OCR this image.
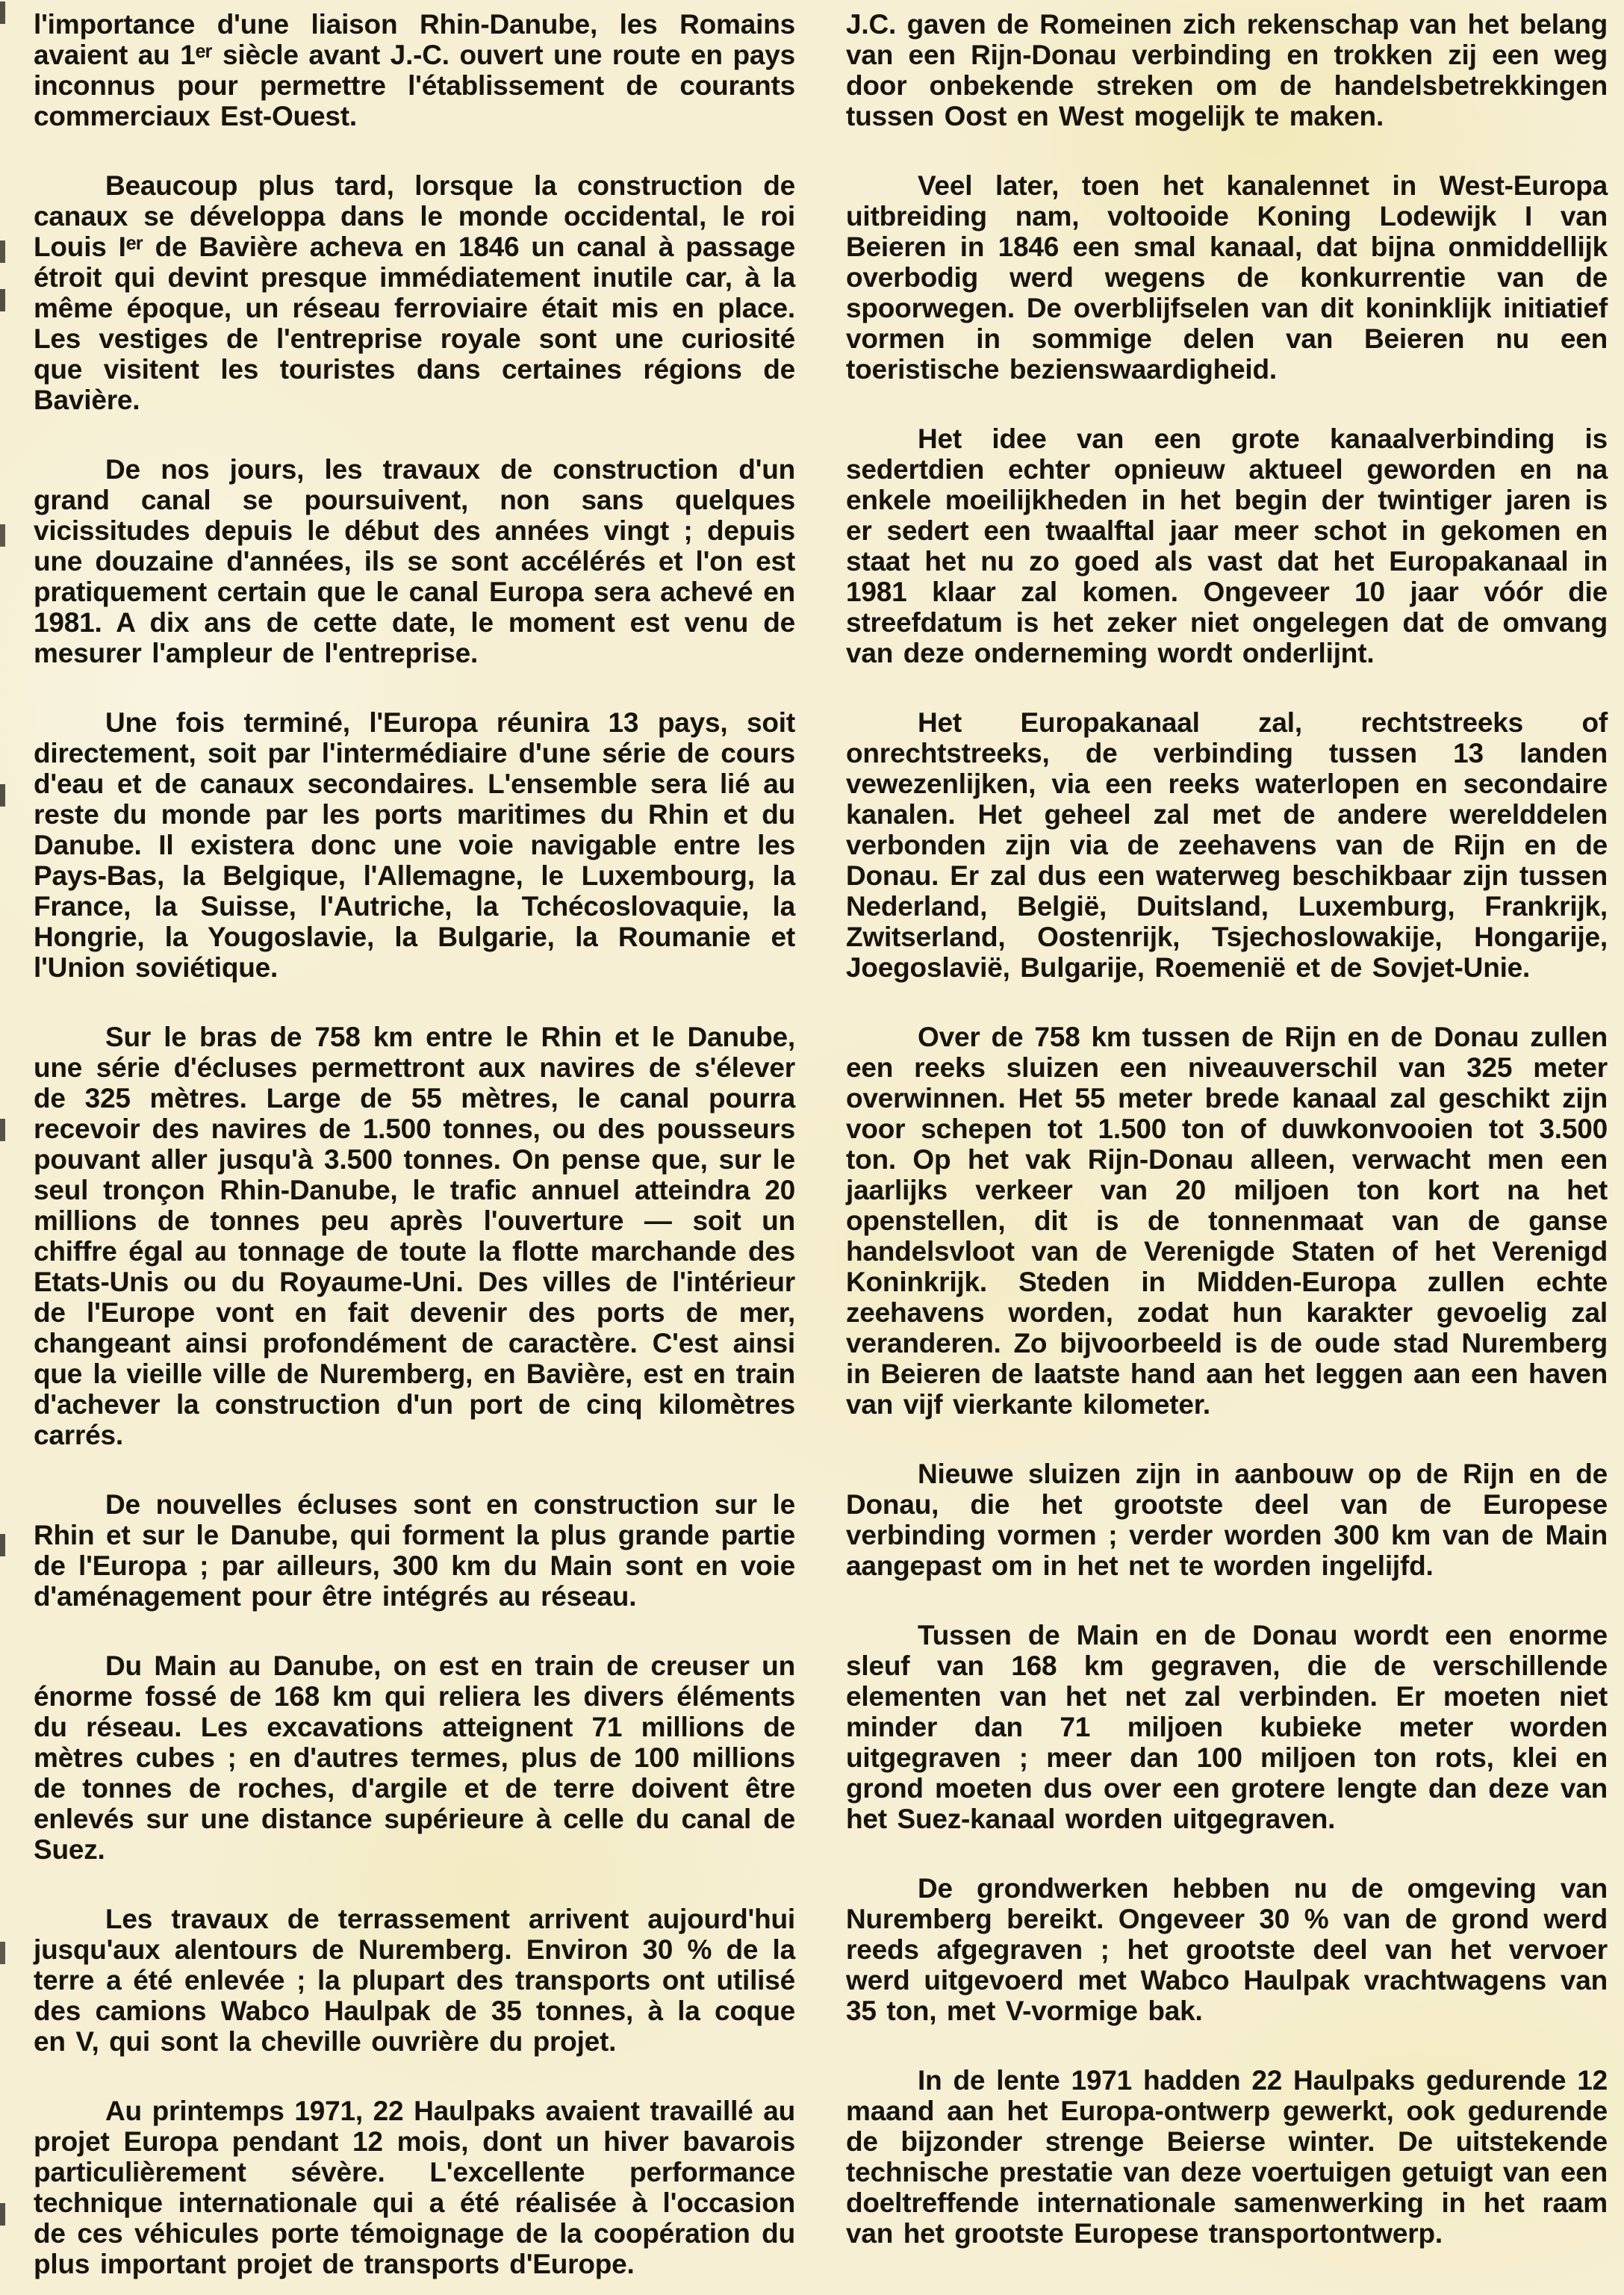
l'importance d'une liaison Rhin-Danube, les Romains avaient au 1ᵉʳ siècle avant J.-C. ouvert une route en pays inconnus pour permettre l'établissement de courants commerciaux Est-Ouest.

Beaucoup plus tard, lorsque la construction de canaux se développa dans le monde occidental, le roi Louis Iᵉʳ de Bavière acheva en 1846 un canal à passage étroit qui devint presque immédiatement inutile car, à la même époque, un réseau ferroviaire était mis en place. Les vestiges de l'entreprise royale sont une curiosité que visitent les touristes dans certaines régions de Bavière.

De nos jours, les travaux de construction d'un grand canal se poursuivent, non sans quelques vicissitudes depuis le début des années vingt ; depuis une douzaine d'années, ils se sont accélérés et l'on est pratiquement certain que le canal Europa sera achevé en 1981. A dix ans de cette date, le moment est venu de mesurer l'ampleur de l'entreprise.

Une fois terminé, l'Europa réunira 13 pays, soit directement, soit par l'intermédiaire d'une série de cours d'eau et de canaux secondaires. L'ensemble sera lié au reste du monde par les ports maritimes du Rhin et du Danube. Il existera donc une voie navigable entre les Pays-Bas, la Belgique, l'Allemagne, le Luxembourg, la France, la Suisse, l'Autriche, la Tchécoslovaquie, la Hongrie, la Yougoslavie, la Bulgarie, la Roumanie et l'Union soviétique.

Sur le bras de 758 km entre le Rhin et le Danube, une série d'écluses permettront aux navires de s'élever de 325 mètres. Large de 55 mètres, le canal pourra recevoir des navires de 1.500 tonnes, ou des pousseurs pouvant aller jusqu'à 3.500 tonnes. On pense que, sur le seul tronçon Rhin-Danube, le trafic annuel atteindra 20 millions de tonnes peu après l'ouverture — soit un chiffre égal au tonnage de toute la flotte marchande des Etats-Unis ou du Royaume-Uni. Des villes de l'intérieur de l'Europe vont en fait devenir des ports de mer, changeant ainsi profondément de caractère. C'est ainsi que la vieille ville de Nuremberg, en Bavière, est en train d'achever la construction d'un port de cinq kilomètres carrés.

De nouvelles écluses sont en construction sur le Rhin et sur le Danube, qui forment la plus grande partie de l'Europa ; par ailleurs, 300 km du Main sont en voie d'aménagement pour être intégrés au réseau.

Du Main au Danube, on est en train de creuser un énorme fossé de 168 km qui reliera les divers éléments du réseau. Les excavations atteignent 71 millions de mètres cubes ; en d'autres termes, plus de 100 millions de tonnes de roches, d'argile et de terre doivent être enlevés sur une distance supérieure à celle du canal de Suez.

Les travaux de terrassement arrivent aujourd'hui jusqu'aux alentours de Nuremberg. Environ 30 % de la terre a été enlevée ; la plupart des transports ont utilisé des camions Wabco Haulpak de 35 tonnes, à la coque en V, qui sont la cheville ouvrière du projet.

Au printemps 1971, 22 Haulpaks avaient travaillé au projet Europa pendant 12 mois, dont un hiver bavarois particulièrement sévère. L'excellente performance technique internationale qui a été réalisée à l'occasion de ces véhicules porte témoignage de la coopération du plus important projet de transports d'Europe.

J.C. gaven de Romeinen zich rekenschap van het belang van een Rijn-Donau verbinding en trokken zij een weg door onbekende streken om de handelsbetrekkingen tussen Oost en West mogelijk te maken.

Veel later, toen het kanalennet in West-Europa uitbreiding nam, voltooide Koning Lodewijk I van Beieren in 1846 een smal kanaal, dat bijna onmiddellijk overbodig werd wegens de konkurrentie van de spoorwegen. De overblijfselen van dit koninklijk initiatief vormen in sommige delen van Beieren nu een toeristische bezienswaardigheid.

Het idee van een grote kanaalverbinding is sedertdien echter opnieuw aktueel geworden en na enkele moeilijkheden in het begin der twintiger jaren is er sedert een twaalftal jaar meer schot in gekomen en staat het nu zo goed als vast dat het Europakanaal in 1981 klaar zal komen. Ongeveer 10 jaar vóór die streefdatum is het zeker niet ongelegen dat de omvang van deze onderneming wordt onderlijnt.

Het Europakanaal zal, rechtstreeks of onrechtstreeks, de verbinding tussen 13 landen vewezenlijken, via een reeks waterlopen en secondaire kanalen. Het geheel zal met de andere werelddelen verbonden zijn via de zeehavens van de Rijn en de Donau. Er zal dus een waterweg beschikbaar zijn tussen Nederland, België, Duitsland, Luxemburg, Frankrijk, Zwitserland, Oostenrijk, Tsjechoslowakije, Hongarije, Joegoslavië, Bulgarije, Roemenië et de Sovjet-Unie.

Over de 758 km tussen de Rijn en de Donau zullen een reeks sluizen een niveauverschil van 325 meter overwinnen. Het 55 meter brede kanaal zal geschikt zijn voor schepen tot 1.500 ton of duwkonvooien tot 3.500 ton. Op het vak Rijn-Donau alleen, verwacht men een jaarlijks verkeer van 20 miljoen ton kort na het openstellen, dit is de tonnenmaat van de ganse handelsvloot van de Verenigde Staten of het Verenigd Koninkrijk. Steden in Midden-Europa zullen echte zeehavens worden, zodat hun karakter gevoelig zal veranderen. Zo bijvoorbeeld is de oude stad Nuremberg in Beieren de laatste hand aan het leggen aan een haven van vijf vierkante kilometer.

Nieuwe sluizen zijn in aanbouw op de Rijn en de Donau, die het grootste deel van de Europese verbinding vormen ; verder worden 300 km van de Main aangepast om in het net te worden ingelijfd.

Tussen de Main en de Donau wordt een enorme sleuf van 168 km gegraven, die de verschillende elementen van het net zal verbinden. Er moeten niet minder dan 71 miljoen kubieke meter worden uitgegraven ; meer dan 100 miljoen ton rots, klei en grond moeten dus over een grotere lengte dan deze van het Suez-kanaal worden uitgegraven.

De grondwerken hebben nu de omgeving van Nuremberg bereikt. Ongeveer 30 % van de grond werd reeds afgegraven ; het grootste deel van het vervoer werd uitgevoerd met Wabco Haulpak vrachtwagens van 35 ton, met V-vormige bak.

In de lente 1971 hadden 22 Haulpaks gedurende 12 maand aan het Europa-ontwerp gewerkt, ook gedurende de bijzonder strenge Beierse winter. De uitstekende technische prestatie van deze voertuigen getuigt van een doeltreffende internationale samenwerking in het raam van het grootste Europese transportontwerp.
